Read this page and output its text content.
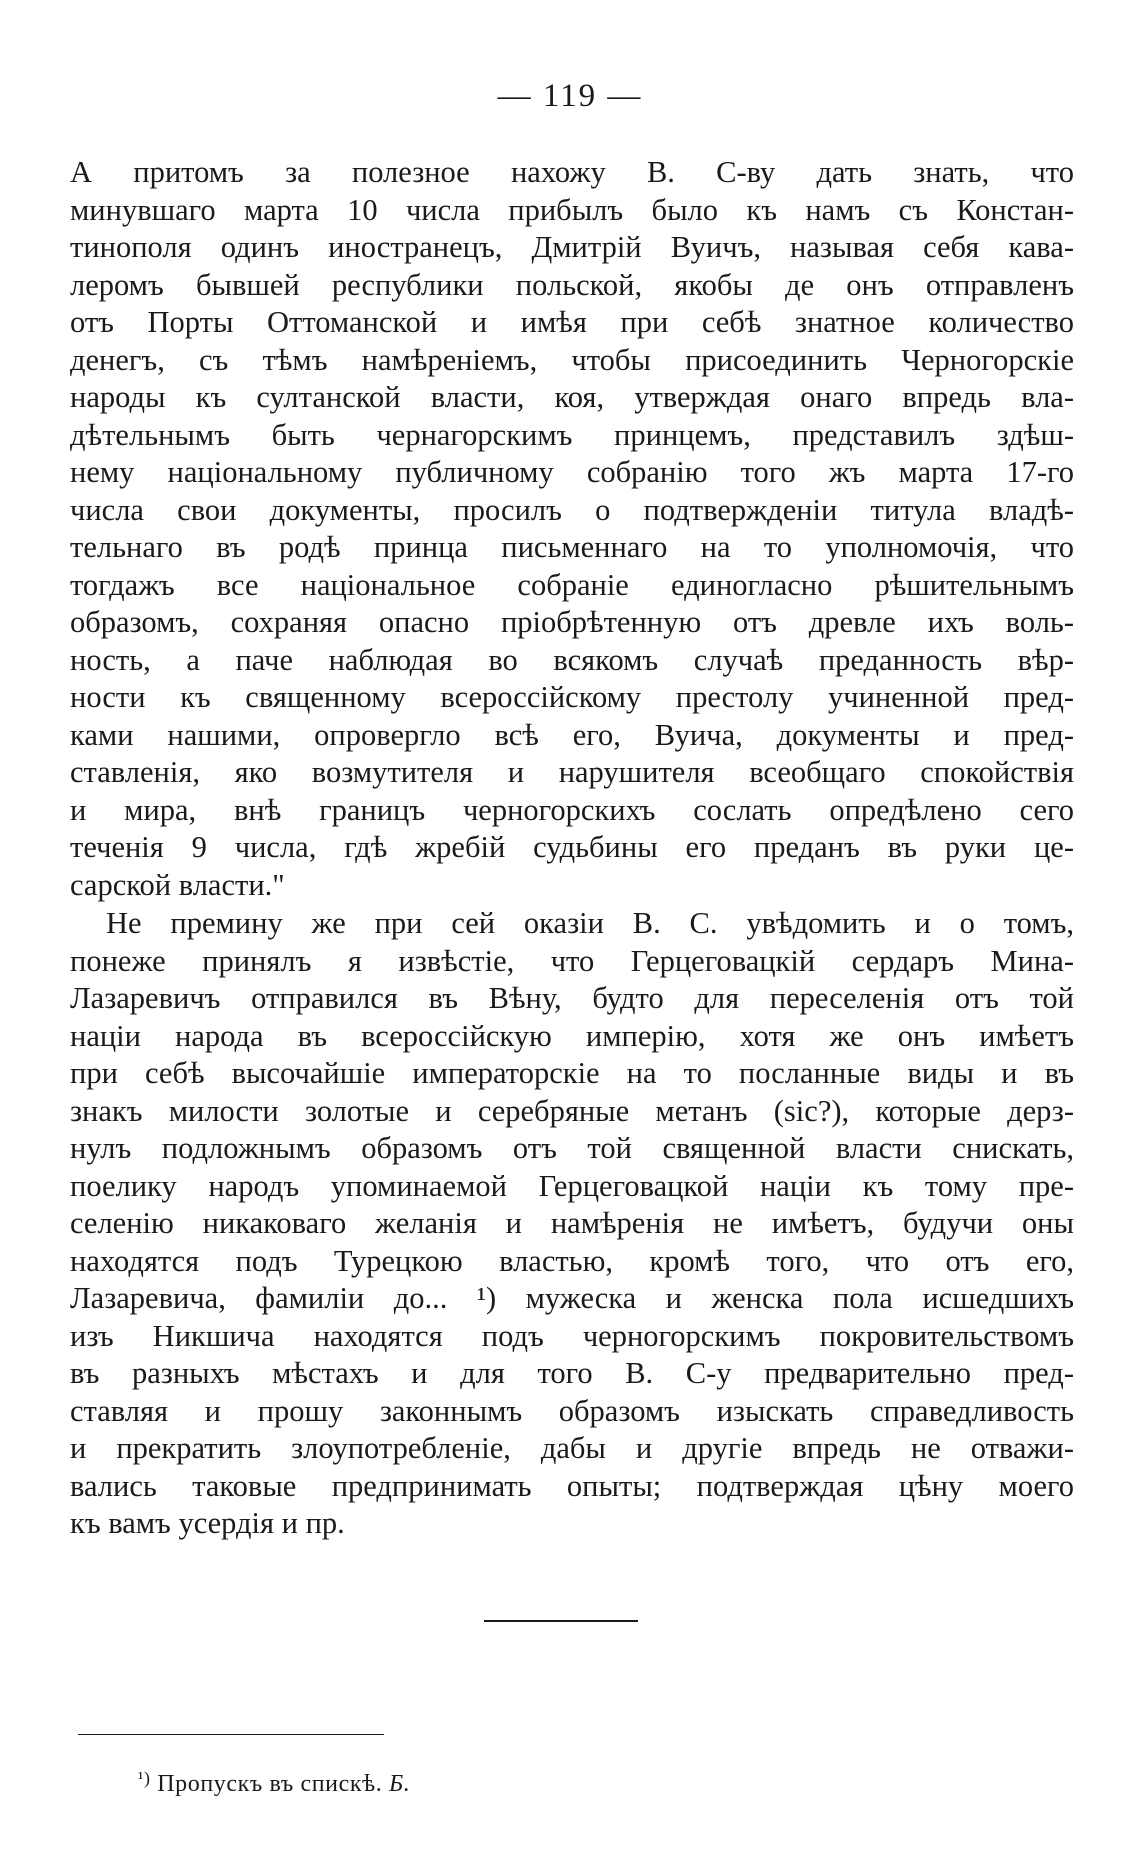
— 119 —
А притомъ за полезное нахожу В. С-ву дать знать, что
минувшаго марта 10 числа прибылъ было къ намъ съ Констан-
тинополя одинъ иностранецъ, Дмитрій Вуичъ, называя себя кава-
леромъ бывшей республики польской, якобы де онъ отправленъ
отъ Порты Оттоманской и имѣя при себѣ знатное количество
денегъ, съ тѣмъ намѣреніемъ, чтобы присоединить Черногорскіе
народы къ султанской власти, коя, утверждая онаго впредь вла-
дѣтельнымъ быть чернагорскимъ принцемъ, представилъ здѣш-
нему національному публичному собранію того жъ марта 17-го
числа свои документы, просилъ о подтвержденіи титула владѣ-
тельнаго въ родѣ принца письменнаго на то уполномочія, что
тогдажъ все національное собраніе единогласно рѣшительнымъ
образомъ, сохраняя опасно пріобрѣтенную отъ древле ихъ воль-
ность, а паче наблюдая во всякомъ случаѣ преданность вѣр-
ности къ священному всероссійскому престолу учиненной пред-
ками нашими, опровергло всѣ его, Вуича, документы и пред-
ставленія, яко возмутителя и нарушителя всеобщаго спокойствія
и мира, внѣ границъ черногорскихъ сослать опредѣлено сего
теченія 9 числа, гдѣ жребій судьбины его преданъ въ руки це-
сарской власти."
Не премину же при сей оказіи В. С. увѣдомить и о томъ,
понеже принялъ я извѣстіе, что Герцеговацкій сердаръ Мина-
Лазаревичъ отправился въ Вѣну, будто для переселенія отъ той
націи народа въ всероссійскую имперію, хотя же онъ имѣетъ
при себѣ высочайшіе императорскіе на то посланные виды и въ
знакъ милости золотые и серебряные метанъ (sic?), которые дерз-
нулъ подложнымъ образомъ отъ той священной власти снискать,
поелику народъ упоминаемой Герцеговацкой націи къ тому пре-
селенію никаковаго желанія и намѣренія не имѣетъ, будучи оны
находятся подъ Турецкою властью, кромѣ того, что отъ его,
Лазаревича, фамиліи до... ¹) мужеска и женска пола исшедшихъ
изъ Никшича находятся подъ черногорскимъ покровительствомъ
въ разныхъ мѣстахъ и для того В. С-у предварительно пред-
ставляя и прошу законнымъ образомъ изыскать справедливость
и прекратить злоупотребленіе, дабы и другіе впредь не отважи-
вались таковые предпринимать опыты; подтверждая цѣну моего
къ вамъ усердія и пр.
$^{^1)}$ Пропускъ въ спискѣ. Б.
